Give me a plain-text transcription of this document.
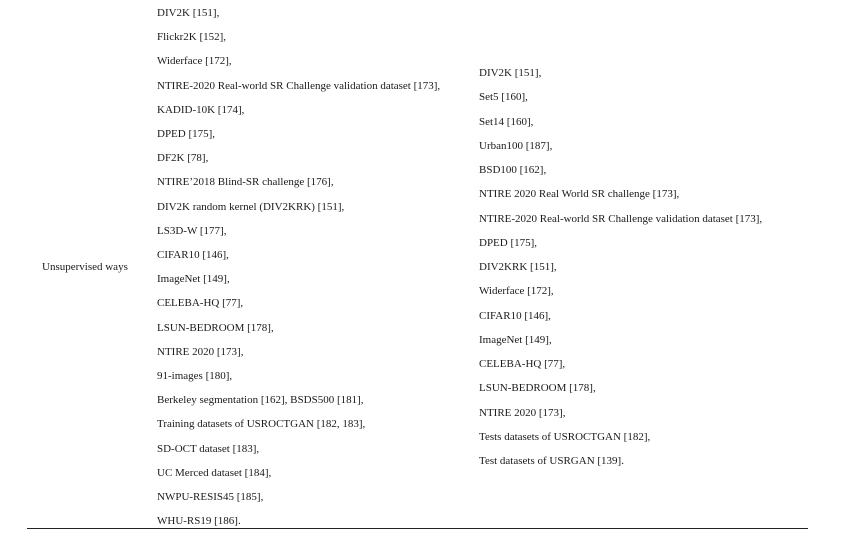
Unsupervised ways
DIV2K [151],
Flickr2K [152],
Widerface [172],
NTIRE-2020 Real-world SR Challenge validation dataset [173],
KADID-10K [174],
DPED [175],
DF2K [78],
NTIRE’2018 Blind-SR challenge [176],
DIV2K random kernel (DIV2KRK) [151],
LS3D-W [177],
CIFAR10 [146],
ImageNet [149],
CELEBA-HQ [77],
LSUN-BEDROOM [178],
NTIRE 2020 [173],
91-images [180],
Berkeley segmentation [162], BSDS500 [181],
Training datasets of USROCTGAN [182, 183],
SD-OCT dataset [183],
UC Merced dataset [184],
NWPU-RESIS45 [185],
WHU-RS19 [186].
DIV2K [151],
Set5 [160],
Set14 [160],
Urban100 [187],
BSD100 [162],
NTIRE 2020 Real World SR challenge [173],
NTIRE-2020 Real-world SR Challenge validation dataset [173],
DPED [175],
DIV2KRK [151],
Widerface [172],
CIFAR10 [146],
ImageNet [149],
CELEBA-HQ [77],
LSUN-BEDROOM [178],
NTIRE 2020 [173],
Tests datasets of USROCTGAN [182],
Test datasets of USRGAN [139].
